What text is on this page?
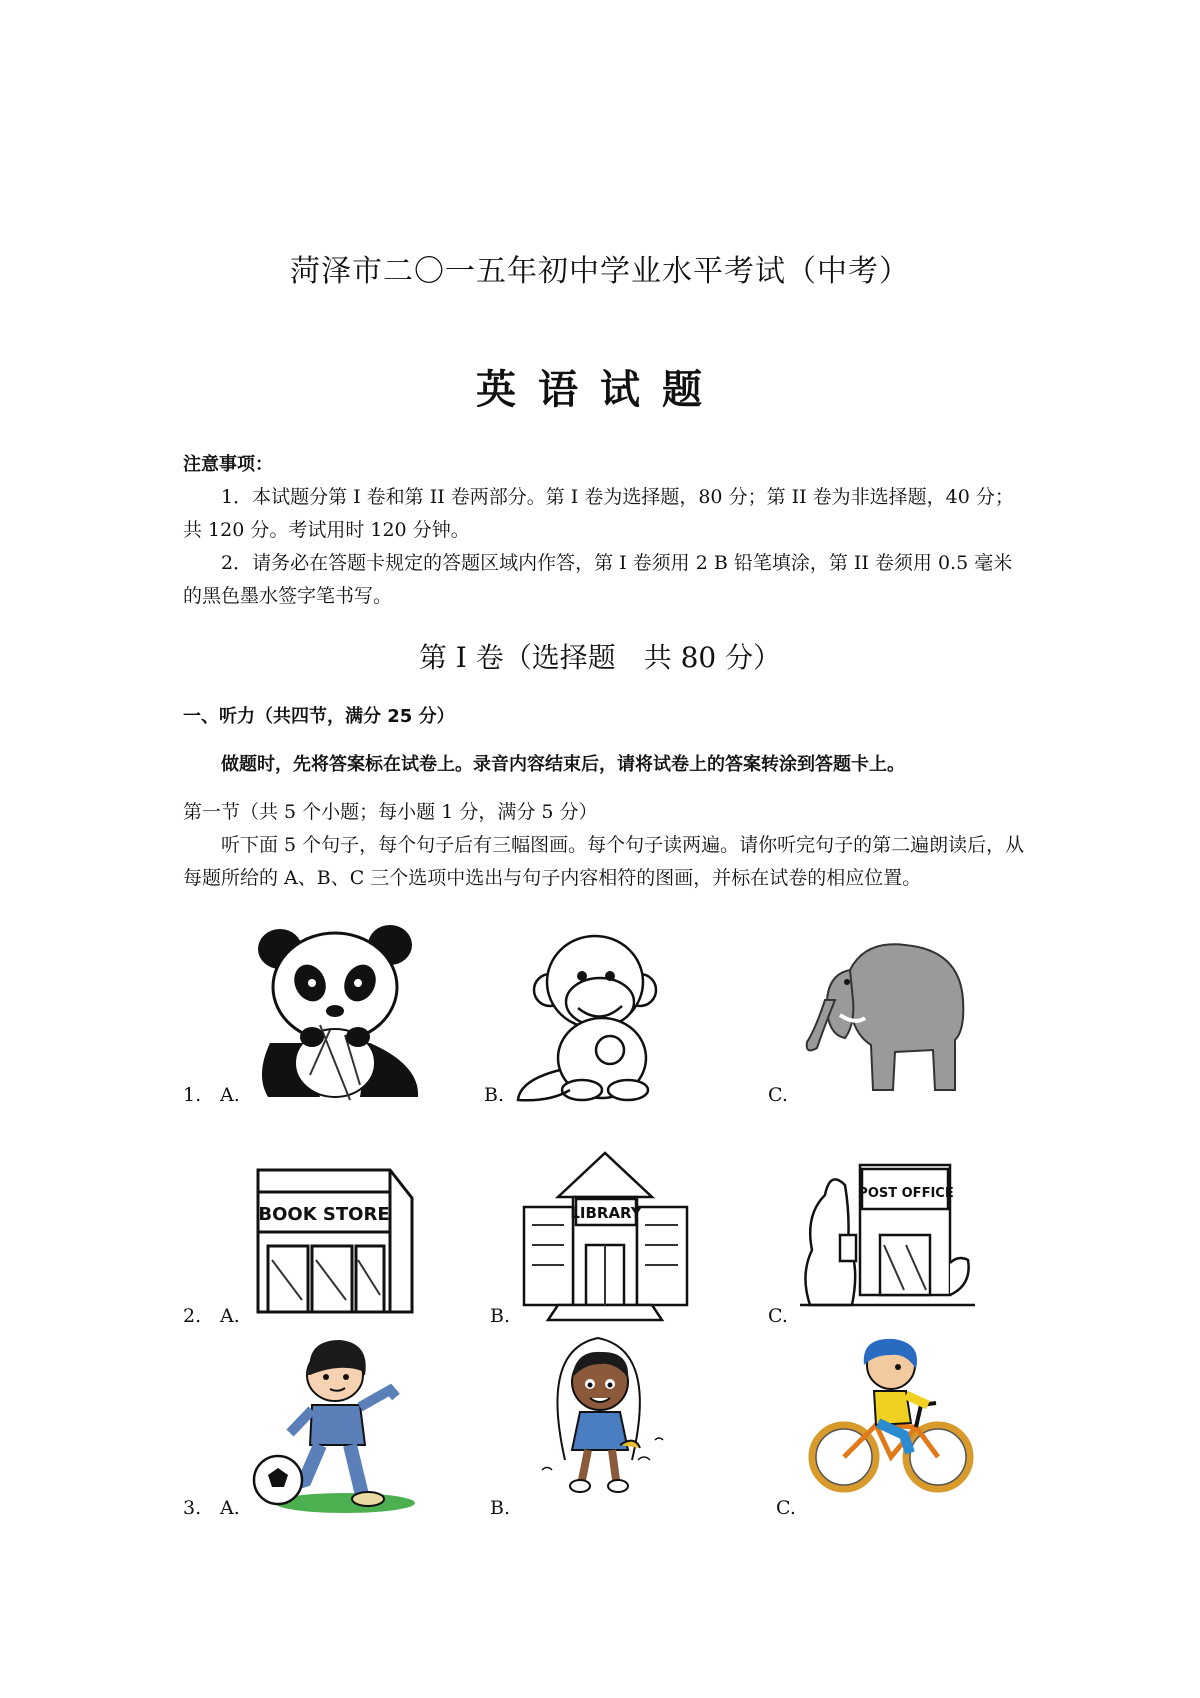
菏泽市二〇一五年初中学业水平考试（中考）
英语试题
注意事项：
1．本试题分第 I 卷和第 II 卷两部分。第 I 卷为选择题，80 分；第 II 卷为非选择题，40 分；共 120 分。考试用时 120 分钟。
2．请务必在答题卡规定的答题区域内作答，第 I 卷须用 2 B 铅笔填涂，第 II 卷须用 0.5 毫米的黑色墨水签字笔书写。
第 I 卷（选择题　共 80 分）
一、听力（共四节，满分 25 分）
做题时，先将答案标在试卷上。录音内容结束后，请将试卷上的答案转涂到答题卡上。
第一节（共 5 个小题；每小题 1 分，满分 5 分）
听下面 5 个句子，每个句子后有三幅图画。每个句子读两遍。请你听完句子的第二遍朗读后，从每题所给的 A、B、C 三个选项中选出与句子内容相符的图画，并标在试卷的相应位置。
1. A.	B.	C.
2. A.
BOOK STORE
B.
LIBRARY
C.
POST OFFICE
3. A.	B.	C.
